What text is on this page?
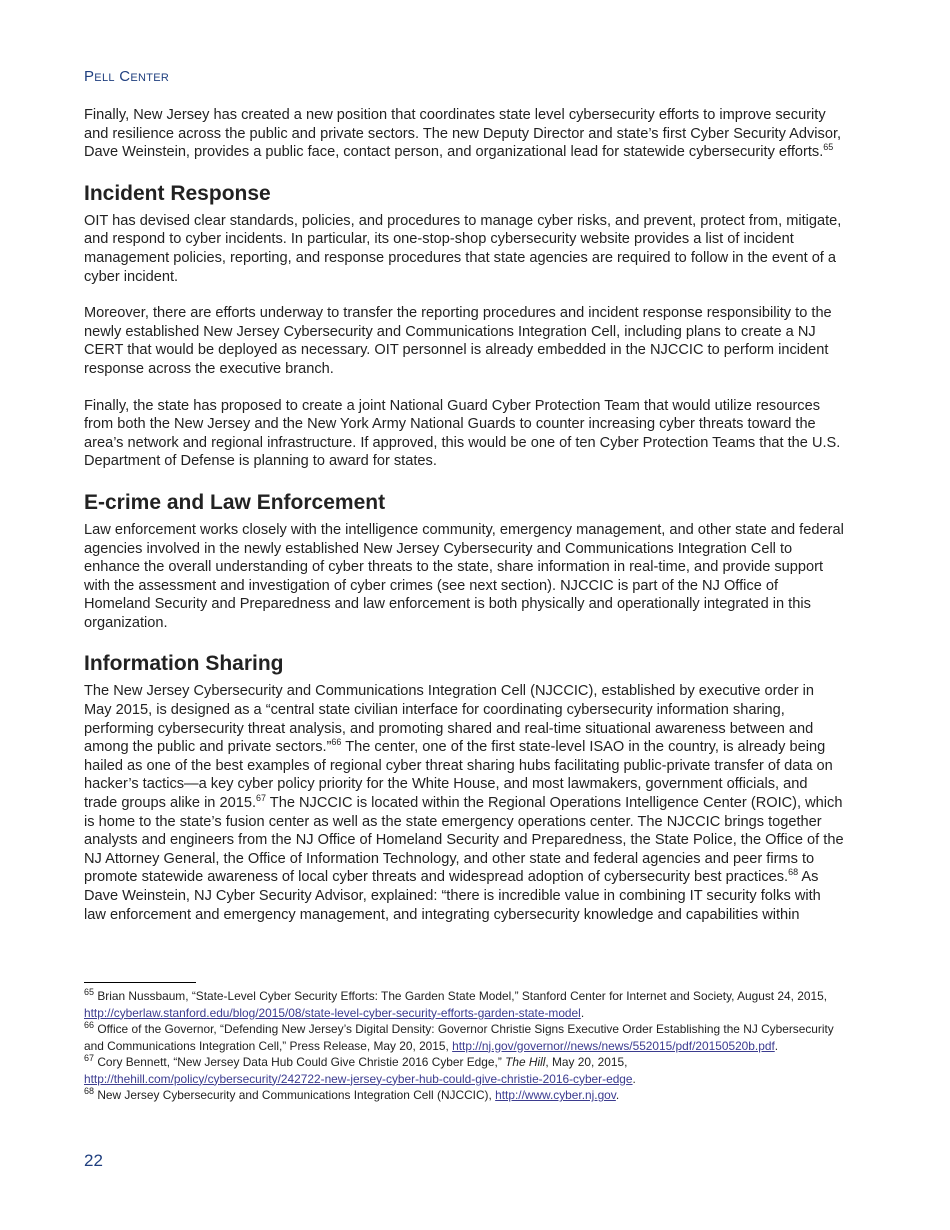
Pell Center

Finally, New Jersey has created a new position that coordinates state level cybersecurity efforts to improve security and resilience across the public and private sectors. The new Deputy Director and state’s first Cyber Security Advisor, Dave Weinstein, provides a public face, contact person, and organizational lead for statewide cybersecurity efforts.$^{65}$

Incident Response

OIT has devised clear standards, policies, and procedures to manage cyber risks, and prevent, protect from, mitigate, and respond to cyber incidents. In particular, its one-stop-shop cybersecurity website provides a list of incident management policies, reporting, and response procedures that state agencies are required to follow in the event of a cyber incident.

Moreover, there are efforts underway to transfer the reporting procedures and incident response responsibility to the newly established New Jersey Cybersecurity and Communications Integration Cell, including plans to create a NJ CERT that would be deployed as necessary. OIT personnel is already embedded in the NJCCIC to perform incident response across the executive branch.

Finally, the state has proposed to create a joint National Guard Cyber Protection Team that would utilize resources from both the New Jersey and the New York Army National Guards to counter increasing cyber threats toward the area’s network and regional infrastructure. If approved, this would be one of ten Cyber Protection Teams that the U.S. Department of Defense is planning to award for states.

E-crime and Law Enforcement

Law enforcement works closely with the intelligence community, emergency management, and other state and federal agencies involved in the newly established New Jersey Cybersecurity and Communications Integration Cell to enhance the overall understanding of cyber threats to the state, share information in real-time, and provide support with the assessment and investigation of cyber crimes (see next section). NJCCIC is part of the NJ Office of Homeland Security and Preparedness and law enforcement is both physically and operationally integrated in this organization.

Information Sharing

The New Jersey Cybersecurity and Communications Integration Cell (NJCCIC), established by executive order in May 2015, is designed as a “central state civilian interface for coordinating cybersecurity information sharing, performing cybersecurity threat analysis, and promoting shared and real-time situational awareness between and among the public and private sectors.”$^{66}$ The center, one of the first state-level ISAO in the country, is already being hailed as one of the best examples of regional cyber threat sharing hubs facilitating public-private transfer of data on hacker’s tactics—a key cyber policy priority for the White House, and most lawmakers, government officials, and trade groups alike in 2015.67 The NJCCIC is located within the Regional Operations Intelligence Center (ROIC), which is home to the state’s fusion center as well as the state emergency operations center. The NJCCIC brings together analysts and engineers from the NJ Office of Homeland Security and Preparedness, the State Police, the Office of the NJ Attorney General, the Office of Information Technology, and other state and federal agencies and peer firms to promote statewide awareness of local cyber threats and widespread adoption of cybersecurity best practices.$^{68}$ As Dave Weinstein, NJ Cyber Security Advisor, explained: “there is incredible value in combining IT security folks with law enforcement and emergency management, and integrating cybersecurity knowledge and capabilities within

$^{65}$ Brian Nussbaum, “State-Level Cyber Security Efforts: The Garden State Model,” Stanford Center for Internet and Society, August 24, 2015, http://cyberlaw.stanford.edu/blog/2015/08/state-level-cyber-security-efforts-garden-state-model.

$^{66}$ Office of the Governor, “Defending New Jersey’s Digital Density: Governor Christie Signs Executive Order Establishing the NJ Cybersecurity and Communications Integration Cell,” Press Release, May 20, 2015, http://nj.gov/governor//news/news/552015/pdf/20150520b.pdf.

$^{67}$ Cory Bennett, “New Jersey Data Hub Could Give Christie 2016 Cyber Edge,” The Hill, May 20, 2015, http://thehill.com/policy/cybersecurity/242722-new-jersey-cyber-hub-could-give-christie-2016-cyber-edge.

$^{68}$ New Jersey Cybersecurity and Communications Integration Cell (NJCCIC), http://www.cyber.nj.gov.

22
